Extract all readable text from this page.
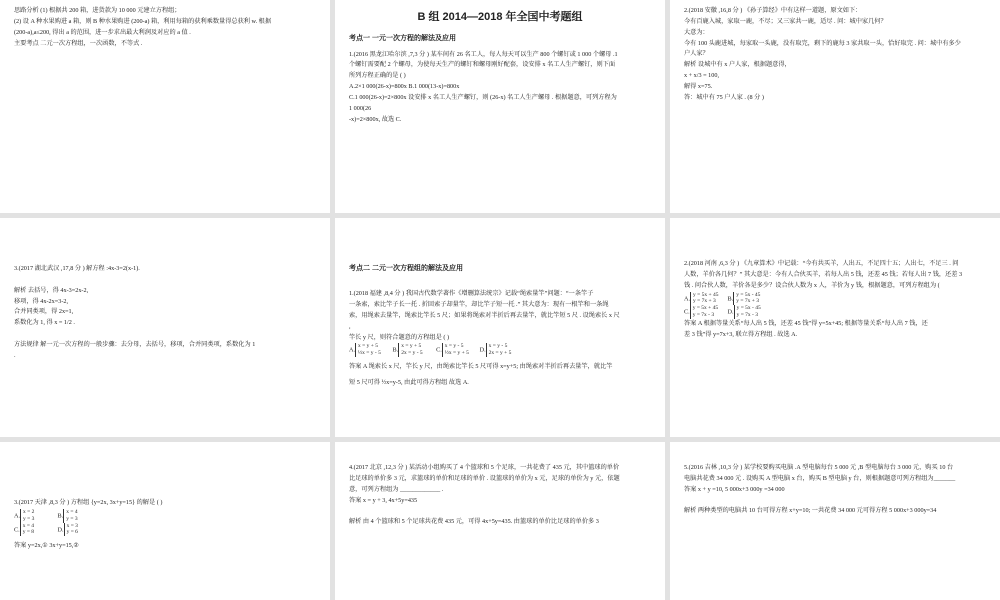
思路分析 (1) 根据共 200 箱，进货款为 10 000 元建立方程组；
(2) 设 A 种水果购进 a 箱，则 B 种水果购进 (200-a) 箱，利用每箱的获利乘数量得总获利 w. 根据
(200-a),a≤200, 得出 a 的范围，进一步求出最大利润及对应的 a 值 .
主要考点 二元一次方程组，一次函数，不等式 .
B 组 2014—2018 年全国中考题组
考点一 一元一次方程的解法及应用
1.(2016 黑龙江哈尔滨 ,7,3 分 ) 某车间有 26 名工人，每人每天可以生产 800 个螺钉或 1 000 个螺母 .1
个螺钉需要配 2 个螺母，为使每天生产的螺钉和螺母刚好配套，设安排 x 名工人生产螺钉，则下面
所列方程正确的是 ( )
A.2×1 000(26-x)=800x B.1 000(13-x)=800x
C.1 000(26-x)=2×800x 设安排 x 名工人生产螺钉，则 (26-x) 名工人生产螺母 . 根据题意，可列方程为
1 000(26
-x)=2×800x, 故选 C.
2.(2018 安徽 ,16,8 分 ) 《孙子算经》中有这样一道题，原文如下：
今有百鹿入城，家取一鹿，不尽；又三家共一鹿，适尽 . 问：城中家几何？
大意为：
今有 100 头鹿进城，每家取一头鹿，没有取完，剩下的鹿每 3 家共取一头，恰好取完 . 问：城中有多少
户人家？
解析 设城中有 x 户人家，根据题意得，
x + x/3 = 100,
解得 x=75.
答：城中有 75 户人家 . (8 分 )
3.(2017 湖北武汉 ,17,8 分 ) 解方程 :4x-3=2(x-1).

解析 去括号，得 4x-3=2x-2,
移项，得 4x-2x=3-2,
合并同类项，得 2x=1,
系数化为 1, 得 x = 1/2 .

方法规律 解一元一次方程的一般步骤：去分母，去括号，移项，合并同类项，系数化为 1
.
考点二 二元一次方程组的解法及应用
1.(2018 福建 ,8,4 分 ) 我国古代数学著作《增删算法统宗》记载“绳索量竿”问题：“一条竿子
一条索，索比竿子长一托 . 折回索子却量竿，却比竿子短一托 .” 其大意为：现有一根竿和一条绳
索，用绳索去量竿，绳索比竿长 5 尺；如果将绳索对半折后再去量竿，就比竿短 5 尺 . 设绳索长 x 尺
,
竿长 y 尺，则符合题意的方程组是 ( )
A.x = y + 5
½x = y - 5 B.x = y + 5
2x = y - 5 C.x = y - 5
½x = y + 5 D.x = y - 5
2x = y + 5
答案 A 绳索长 x 尺，竿长 y 尺，由绳索比竿长 5 尺可得 x=y+5; 由绳索对半折后再去量竿，就比竿
短 5 尺可得 ½x=y-5, 由此可得方程组 故选 A.
2.(2018 河南 ,6,3 分 ) 《九章算术》中记载：“今有共买羊，人出五，不足四十五；人出七，不足三 . 问
人数，羊价各几何？” 其大意是：今有人合伙买羊，若每人出 5 钱，还差 45 钱；若每人出 7 钱，还差 3
钱 . 问合伙人数，羊价各是多少？设合伙人数为 x 人，羊价为 y 钱，根据题意，可列方程组为 (
A.y = 5x + 45
y = 7x + 3 B.y = 5x - 45
y = 7x + 3
C.y = 5x + 45
y = 7x - 3 D.y = 5x - 45
y = 7x - 3
答案 A 根据等量关系“每人出 5 钱，还差 45 钱”得 y=5x+45; 根据等量关系“每人出 7 钱，还
差 3 钱”得 y=7x+3, 联立得方程组 . 故选 A.
3.(2017 天津 ,8,3 分 ) 方程组 {y=2x, 3x+y=15} 的解是 ( )
A.x = 2
y = 3	B.x = 4
y = 3
C.x = 4
y = 8	D.x = 3
y = 6
答案 y=2x,① 3x+y=15,②
4.(2017 北京 ,12,3 分 ) 某活动小组购买了 4 个篮球和 5 个足球，一共花费了 435 元，其中篮球的单价
比足球的单价多 3 元，求篮球的单价和足球的单价 . 设篮球的单价为 x 元，足球的单价为 y 元，依题
意，可列方程组为 _____________ .
答案 x = y + 3, 4x+5y=435

解析 由 4 个篮球和 5 个足球共花费 435 元，可得 4x+5y=435. 由篮球的单价比足球的单价多 3
5.(2016 吉林 ,10,3 分 ) 某学校要购买电脑 .A 型电脑每台 5 000 元 ,B 型电脑每台 3 000 元，购买 10 台
电脑共花费 34 000 元 . 设购买 A 型电脑 x 台，购买 B 型电脑 y 台，则根据题意可列方程组为_______
答案 x + y =10, 5 000x+3 000y =34 000

解析 两种类型的电脑共 10 台可得方程 x+y=10; 一共花费 34 000 元可得方程 5 000x+3 000y=34
